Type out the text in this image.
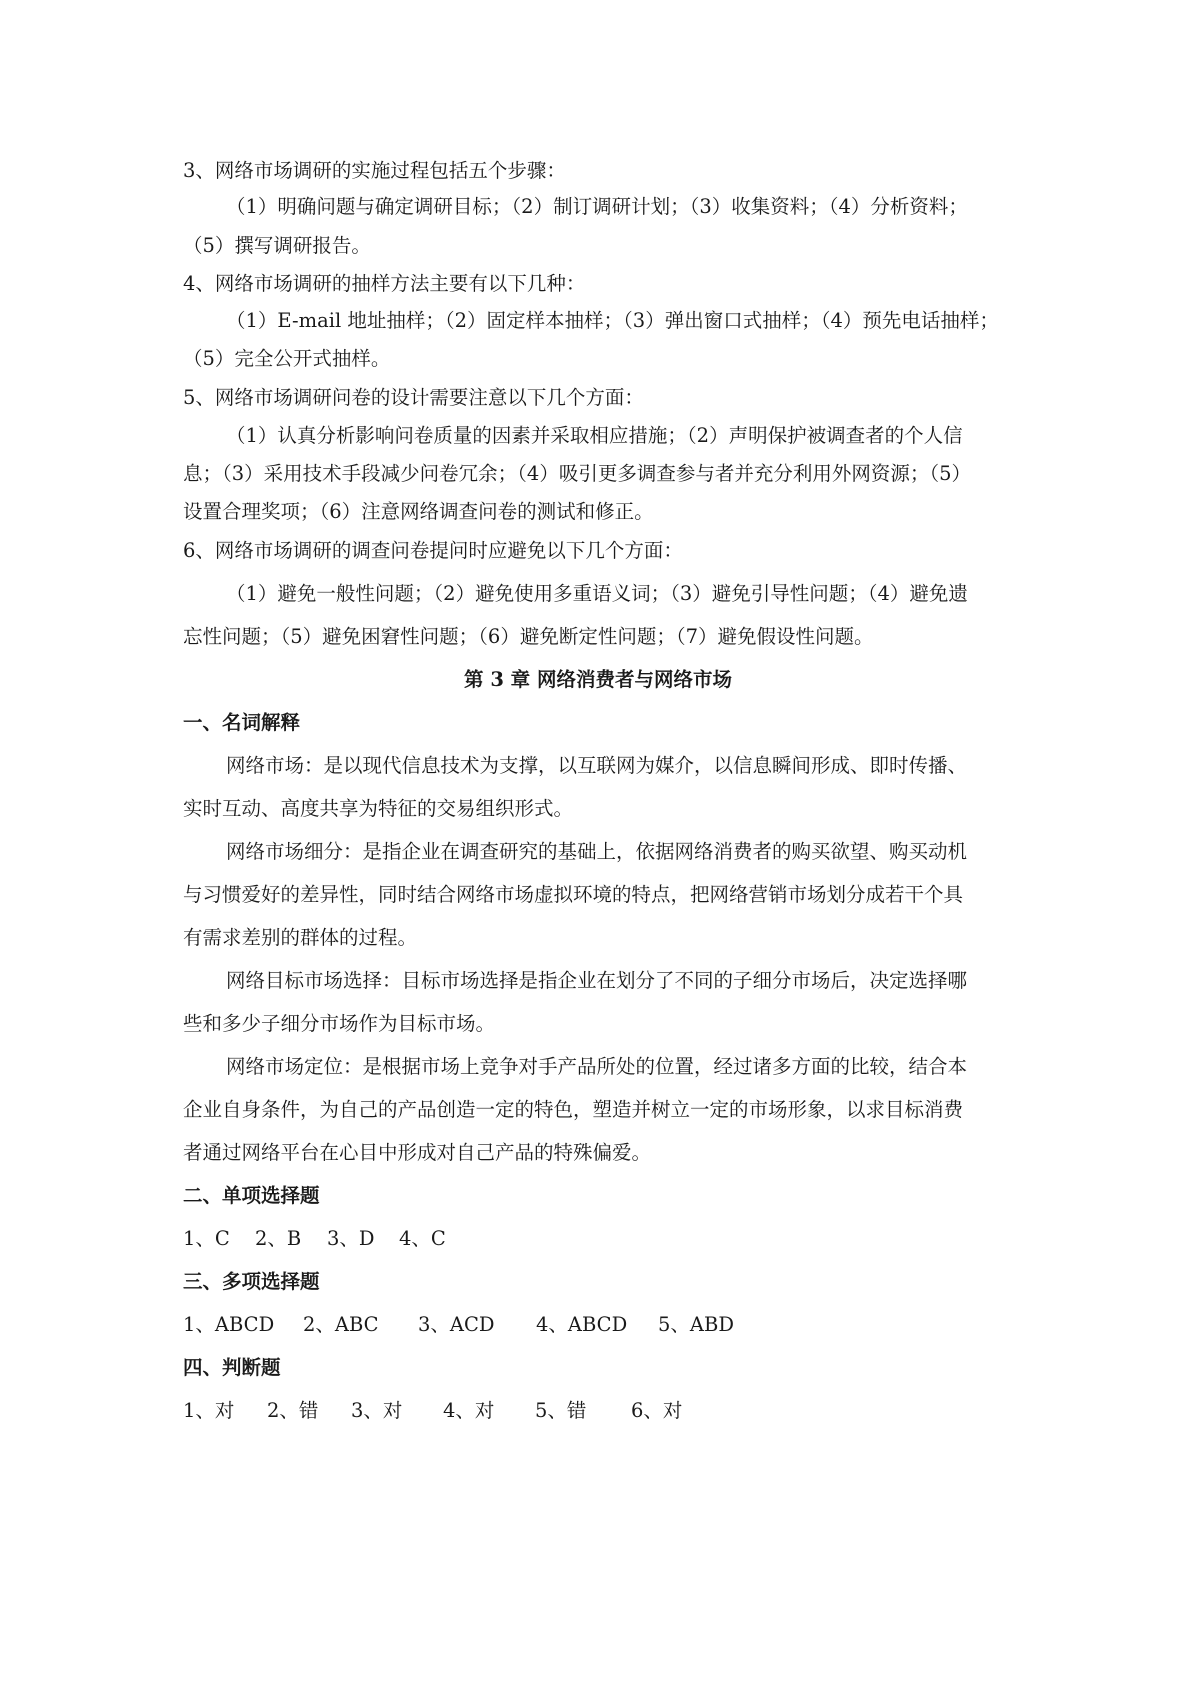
3、网络市场调研的实施过程包括五个步骤：

（1）明确问题与确定调研目标；（2）制订调研计划；（3）收集资料；（4）分析资料；

（5）撰写调研报告。

4、网络市场调研的抽样方法主要有以下几种：

（1）E-mail 地址抽样；（2）固定样本抽样；（3）弹出窗口式抽样；（4）预先电话抽样；

（5）完全公开式抽样。

5、网络市场调研问卷的设计需要注意以下几个方面：

（1）认真分析影响问卷质量的因素并采取相应措施；（2）声明保护被调查者的个人信

息；（3）采用技术手段减少问卷冗余；（4）吸引更多调查参与者并充分利用外网资源；（5）

设置合理奖项；（6）注意网络调查问卷的测试和修正。

6、网络市场调研的调查问卷提问时应避免以下几个方面：

（1）避免一般性问题；（2）避免使用多重语义词；（3）避免引导性问题；（4）避免遗

忘性问题；（5）避免困窘性问题；（6）避免断定性问题；（7）避免假设性问题。

第 3 章 网络消费者与网络市场

一、名词解释

网络市场：是以现代信息技术为支撑，以互联网为媒介，以信息瞬间形成、即时传播、

实时互动、高度共享为特征的交易组织形式。

网络市场细分：是指企业在调查研究的基础上，依据网络消费者的购买欲望、购买动机

与习惯爱好的差异性，同时结合网络市场虚拟环境的特点，把网络营销市场划分成若干个具

有需求差别的群体的过程。

网络目标市场选择：目标市场选择是指企业在划分了不同的子细分市场后，决定选择哪

些和多少子细分市场作为目标市场。

网络市场定位：是根据市场上竞争对手产品所处的位置，经过诸多方面的比较，结合本

企业自身条件，为自己的产品创造一定的特色，塑造并树立一定的市场形象，以求目标消费

者通过网络平台在心目中形成对自己产品的特殊偏爱。

二、单项选择题

1、C 2、B 3、D 4、C

三、多项选择题

1、ABCD 2、ABC 3、ACD 4、ABCD 5、ABD

四、判断题

1、对 2、错 3、对 4、对 5、错 6、对
